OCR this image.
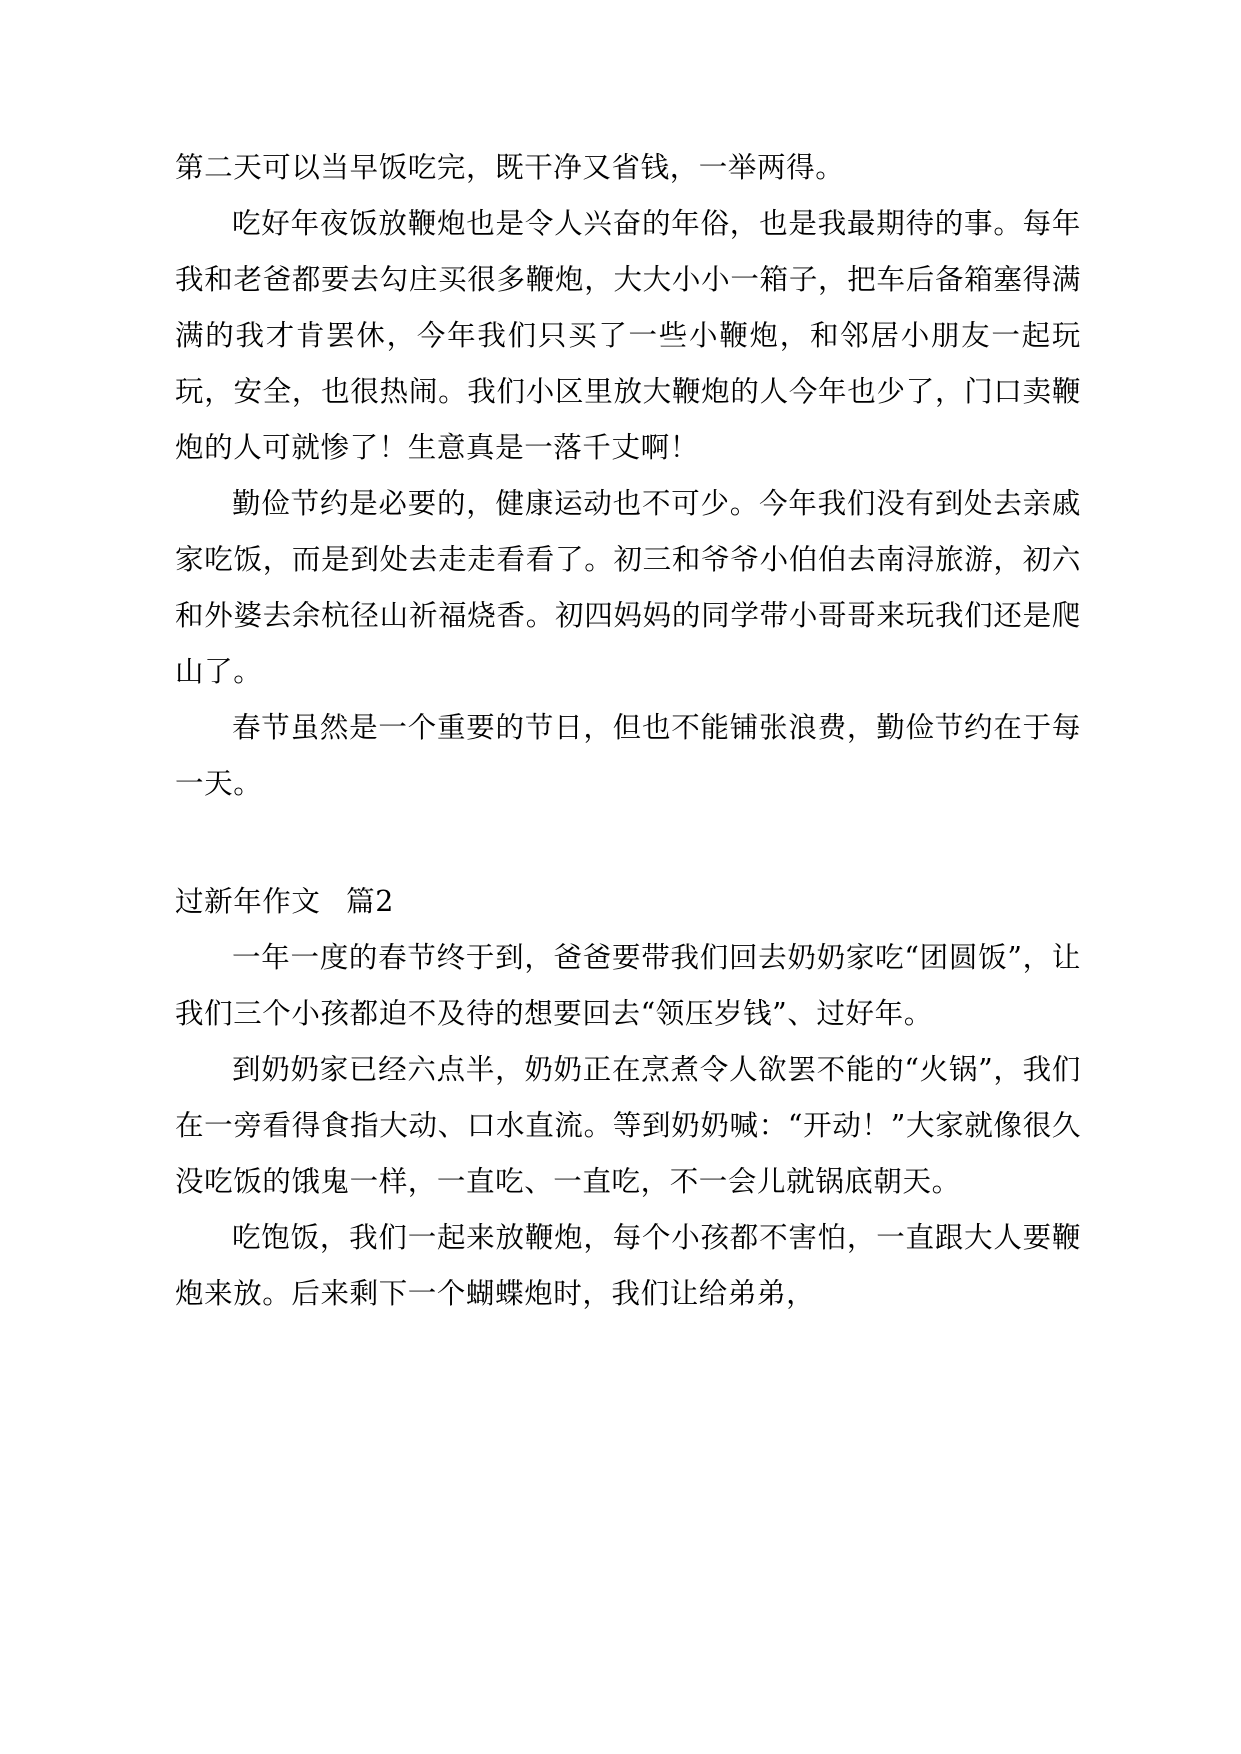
第二天可以当早饭吃完，既干净又省钱，一举两得。

吃好年夜饭放鞭炮也是令人兴奋的年俗，也是我最期待的事。每年我和老爸都要去勾庄买很多鞭炮，大大小小一箱子，把车后备箱塞得满满的我才肯罢休，今年我们只买了一些小鞭炮，和邻居小朋友一起玩玩，安全，也很热闹。我们小区里放大鞭炮的人今年也少了，门口卖鞭炮的人可就惨了！生意真是一落千丈啊！

勤俭节约是必要的，健康运动也不可少。今年我们没有到处去亲戚家吃饭，而是到处去走走看看了。初三和爷爷小伯伯去南浔旅游，初六和外婆去余杭径山祈福烧香。初四妈妈的同学带小哥哥来玩我们还是爬山了。

春节虽然是一个重要的节日，但也不能铺张浪费，勤俭节约在于每一天。

过新年作文 篇2

一年一度的春节终于到，爸爸要带我们回去奶奶家吃“团圆饭”，让我们三个小孩都迫不及待的想要回去“领压岁钱”、过好年。

到奶奶家已经六点半，奶奶正在烹煮令人欲罢不能的“火锅”，我们在一旁看得食指大动、口水直流。等到奶奶喊：“开动！”大家就像很久没吃饭的饿鬼一样，一直吃、一直吃，不一会儿就锅底朝天。

吃饱饭，我们一起来放鞭炮，每个小孩都不害怕，一直跟大人要鞭炮来放。后来剩下一个蝴蝶炮时，我们让给弟弟，
